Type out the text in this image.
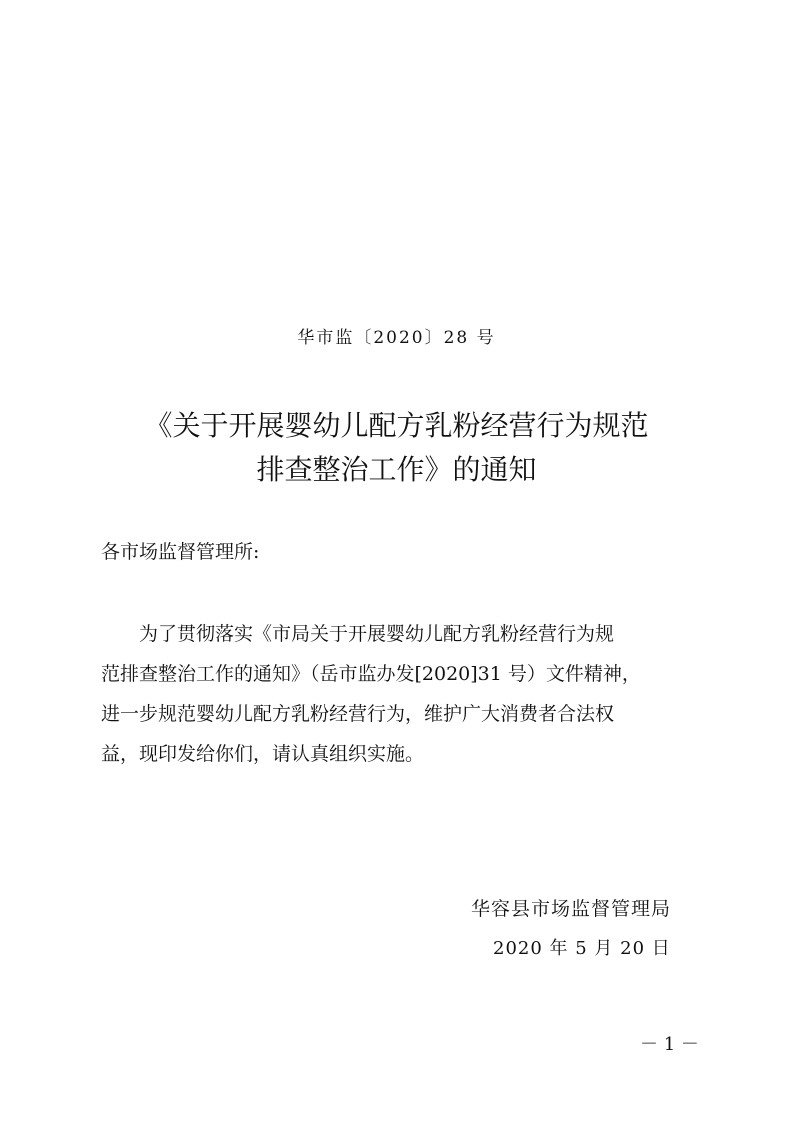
华市监〔2020〕28 号
《关于开展婴幼儿配方乳粉经营行为规范
排查整治工作》的通知
各市场监督管理所:
　　为了贯彻落实《市局关于开展婴幼儿配方乳粉经营行为规
范排查整治工作的通知》（岳市监办发[2020]31 号）文件精神，
进一步规范婴幼儿配方乳粉经营行为，维护广大消费者合法权
益，现印发给你们，请认真组织实施。
华容县市场监督管理局
2020 年 5 月 20 日
－ 1 －
